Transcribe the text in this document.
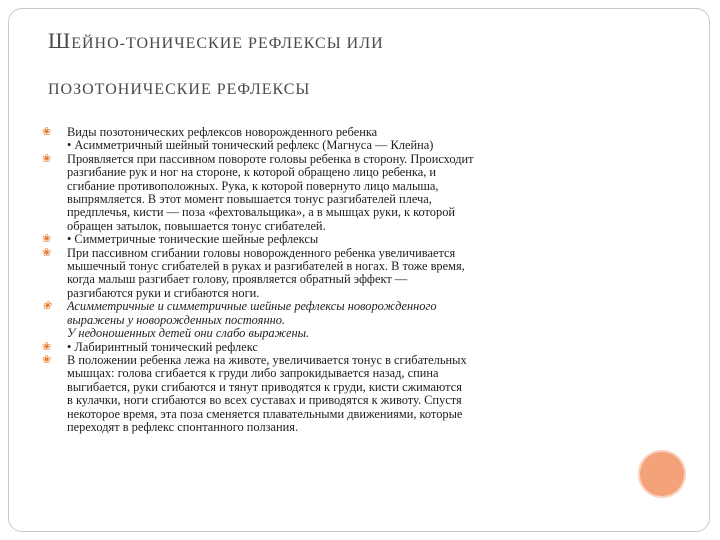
ШЕЙНО-ТОНИЧЕСКИЕ РЕФЛЕКСЫ ИЛИ
ПОЗОТОНИЧЕСКИЕ РЕФЛЕКСЫ
❀ Виды позотонических рефлексов новорожденного ребенка

• Асимметричный шейный тонический рефлекс (Магнуса — Клейна)

❀ Проявляется при пассивном повороте головы ребенка в сторону. Происходит

разгибание рук и ног на стороне, к которой обращено лицо ребенка, и

сгибание противоположных. Рука, к которой повернуто лицо малыша,

выпрямляется. В этот момент повышается тонус разгибателей плеча,

предплечья, кисти — поза «фехтовальщика», а в мышцах руки, к которой

обращен затылок, повышается тонус сгибателей.

❀ • Симметричные тонические шейные рефлексы

❀ При пассивном сгибании головы новорожденного ребенка увеличивается

мышечный тонус сгибателей в руках и разгибателей в ногах. В тоже время,

когда малыш разгибает голову, проявляется обратный эффект —

разгибаются руки и сгибаются ноги.

❀ Асимметричные и симметричные шейные рефлексы новорожденного

выражены у новорожденных постоянно.

У недоношенных детей они слабо выражены.

❀ • Лабиринтный тонический рефлекс

❀ В положении ребенка лежа на животе, увеличивается тонус в сгибательных

мышцах: голова сгибается к груди либо запрокидывается назад, спина

выгибается, руки сгибаются и тянут приводятся к груди, кисти сжимаются

в кулачки, ноги сгибаются во всех суставах и приводятся к животу. Спустя

некоторое время, эта поза сменяется плавательными движениями, которые

переходят в рефлекс спонтанного ползания.
